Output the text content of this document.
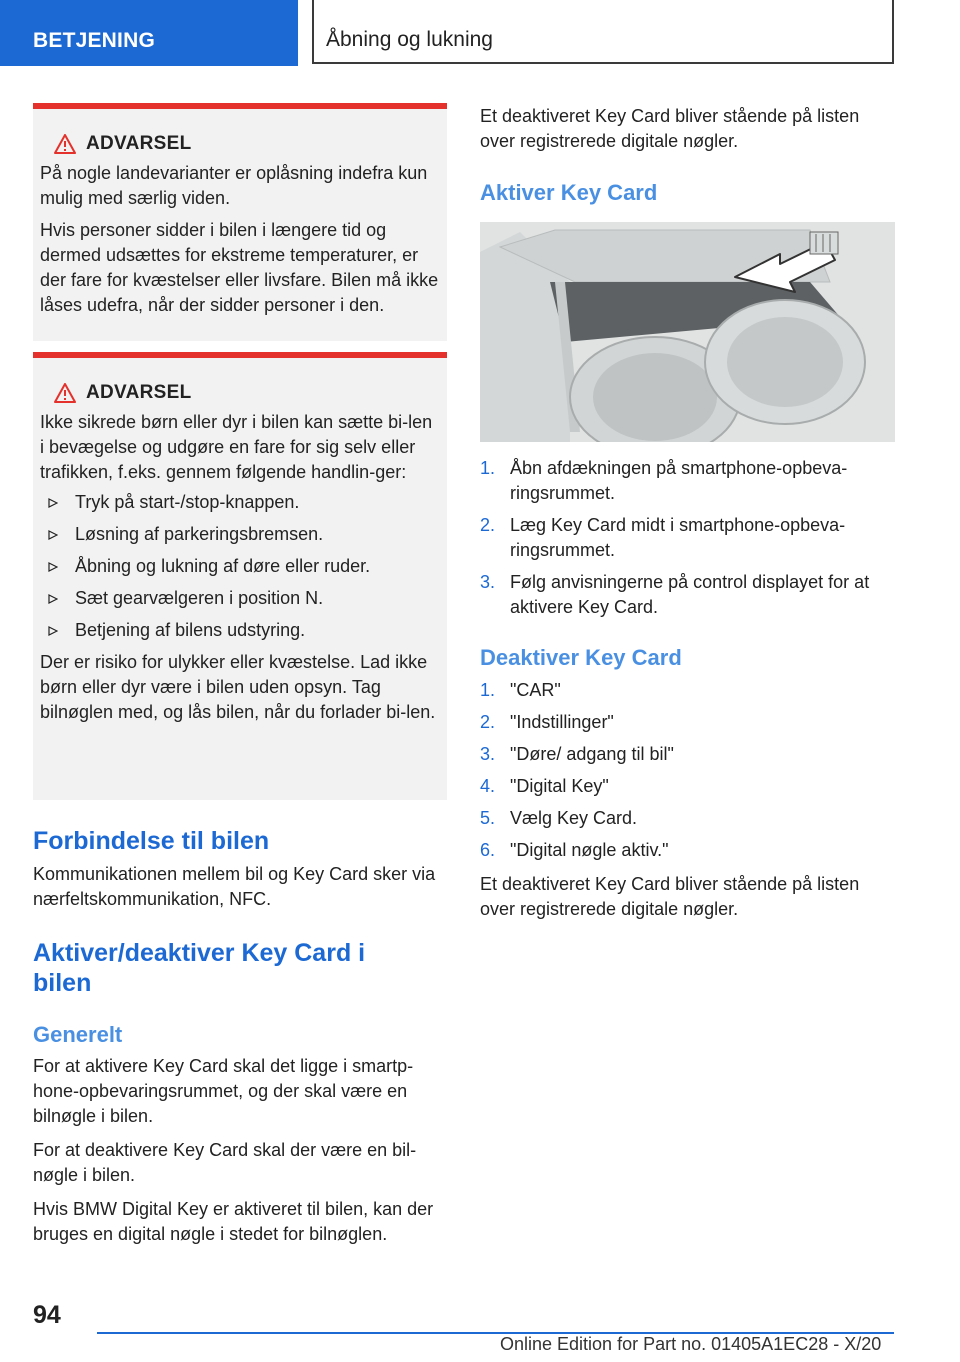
BETJENING	Åbning og lukning
ADVARSEL

På nogle landevarianter er oplåsning indefra kun mulig med særlig viden.

Hvis personer sidder i bilen i længere tid og dermed udsættes for ekstreme temperaturer, er der fare for kvæstelser eller livsfare. Bilen må ikke låses udefra, når der sidder personer i den.

ADVARSEL

Ikke sikrede børn eller dyr i bilen kan sætte bi-len i bevægelse og udgøre en fare for sig selv eller trafikken, f.eks. gennem følgende handlin-ger:

Tryk på start-/stop-knappen.
Løsning af parkeringsbremsen.
Åbning og lukning af døre eller ruder.
Sæt gearvælgeren i position N.
Betjening af bilens udstyring.

Der er risiko for ulykker eller kvæstelse. Lad ikke børn eller dyr være i bilen uden opsyn. Tag bilnøglen med, og lås bilen, når du forlader bi-len.

Forbindelse til bilen

Kommunikationen mellem bil og Key Card sker via nærfeltskommunikation, NFC.

Aktiver/deaktiver Key Card i
bilen
Generelt

For at aktivere Key Card skal det ligge i smartp-hone-opbevaringsrummet, og der skal være en bilnøgle i bilen.

For at deaktivere Key Card skal der være en bil-nøgle i bilen.

Hvis BMW Digital Key er aktiveret til bilen, kan der bruges en digital nøgle i stedet for bilnøglen.

Et deaktiveret Key Card bliver stående på listen over registrerede digitale nøgler.

Aktiver Key Card
1. Åbn afdækningen på smartphone-opbeva-ringsrummet.
2. Læg Key Card midt i smartphone-opbeva-ringsrummet.
3. Følg anvisningerne på control displayet for at aktivere Key Card.
Deaktiver Key Card
1. "CAR"
2. "Indstillinger"
3. "Døre/ adgang til bil"
4. "Digital Key"
5. Vælg Key Card.
6. "Digital nøgle aktiv."

Et deaktiveret Key Card bliver stående på listen over registrerede digitale nøgler.

94
Online Edition for Part no. 01405A1EC28 - X/20
